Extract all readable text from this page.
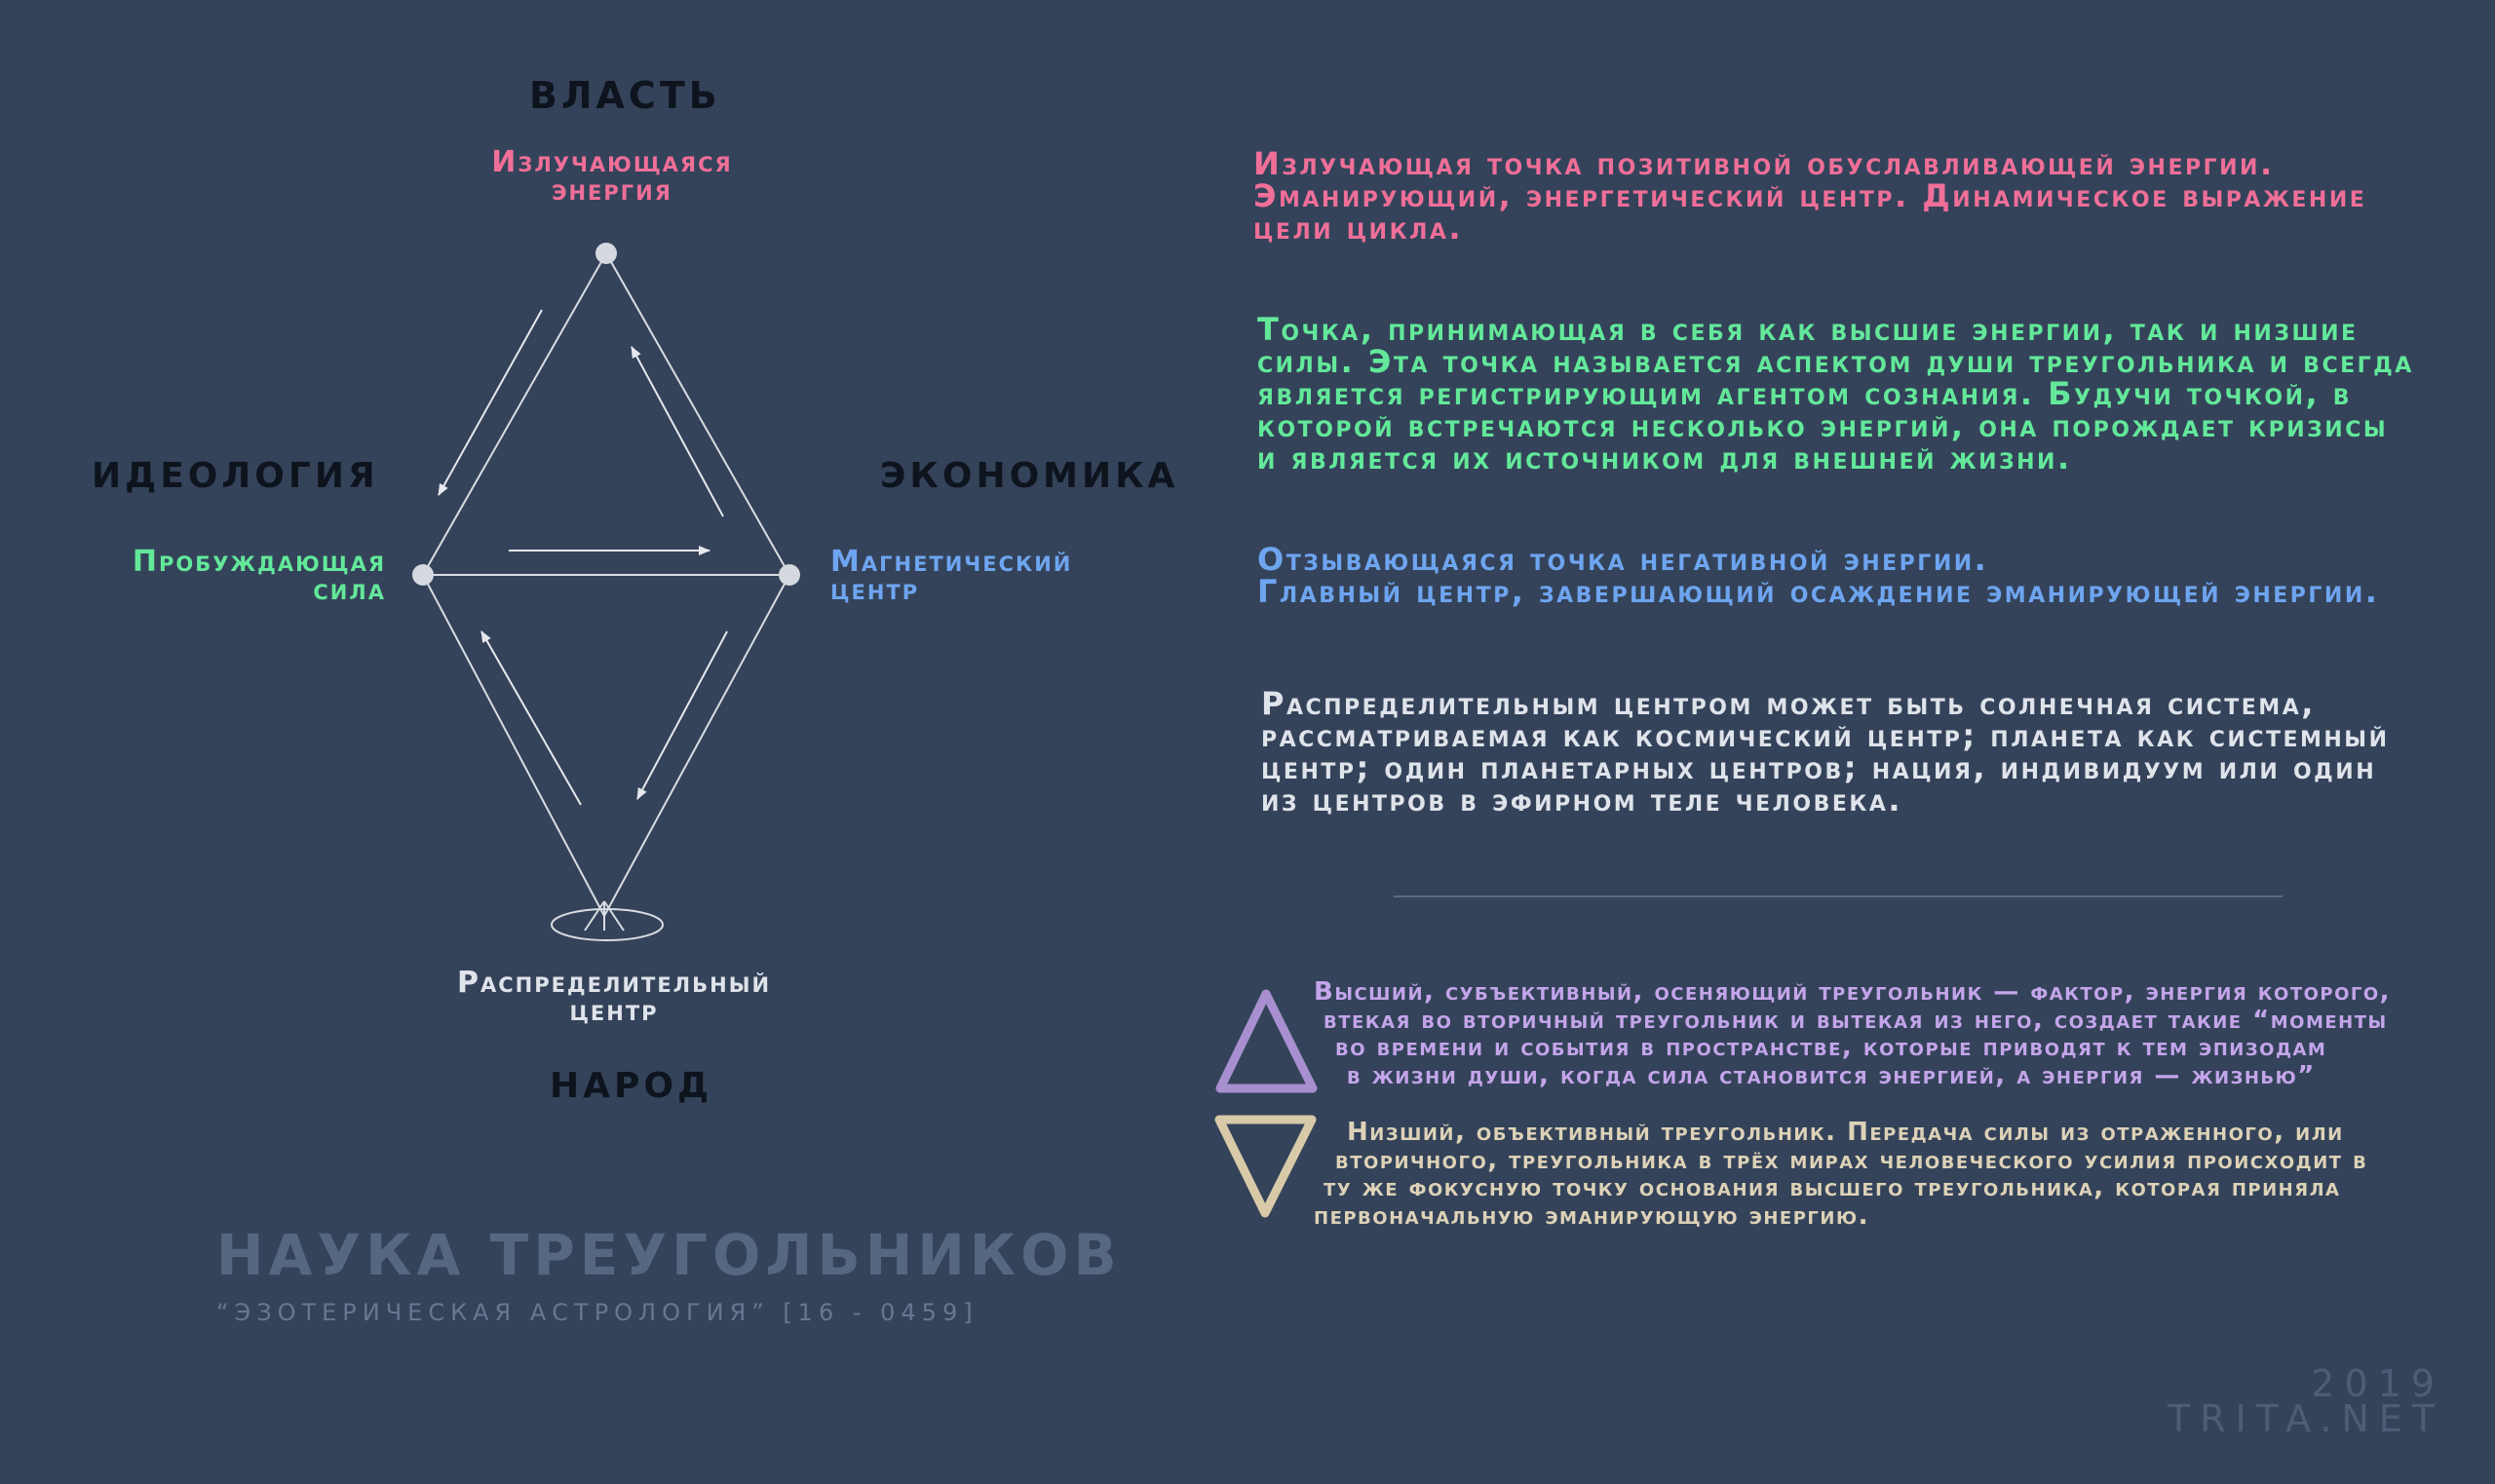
ВЛАСТЬ
ИДЕОЛОГИЯ	ЭКОНОМИКА
НАРОД
Излучающаяся
энергия
Пробуждающая
сила
Магнетический
центр
Распределительный
центр
Излучающая точка позитивной обуславливающей энергии.
Эманирующий, энергетический центр. Динамическое выражение
цели цикла.
Точка, принимающая в себя как высшие энергии, так и низшие
силы. Эта точка называется аспектом души треугольника и всегда
является регистрирующим агентом сознания. Будучи точкой, в
которой встречаются несколько энергий, она порождает кризисы
и является их источником для внешней жизни.
Отзывающаяся точка негативной энергии.
Главный центр, завершающий осаждение эманирующей энергии.
Распределительным центром может быть солнечная система,
рассматриваемая как космический центр; планета как системный
центр; один планетарных центров; нация, индивидуум или один
из центров в эфирном теле человека.
Высший, субъективный, осеняющий треугольник — фактор, энергия которого,
втекая во вторичный треугольник и вытекая из него, создает такие “моменты
во времени и события в пространстве, которые приводят к тем эпизодам
в жизни души, когда сила становится энергией, а энергия — жизнью”
Низший, объективный треугольник. Передача силы из отраженного, или
вторичного, треугольника в трёх мирах человеческого усилия происходит в
ту же фокусную точку основания высшего треугольника, которая приняла
первоначальную эманирующую энергию.
НАУКА ТРЕУГОЛЬНИКОВ
“ЭЗОТЕРИЧЕСКАЯ АСТРОЛОГИЯ” [16 - 0459]
2019
TRITA.NET
